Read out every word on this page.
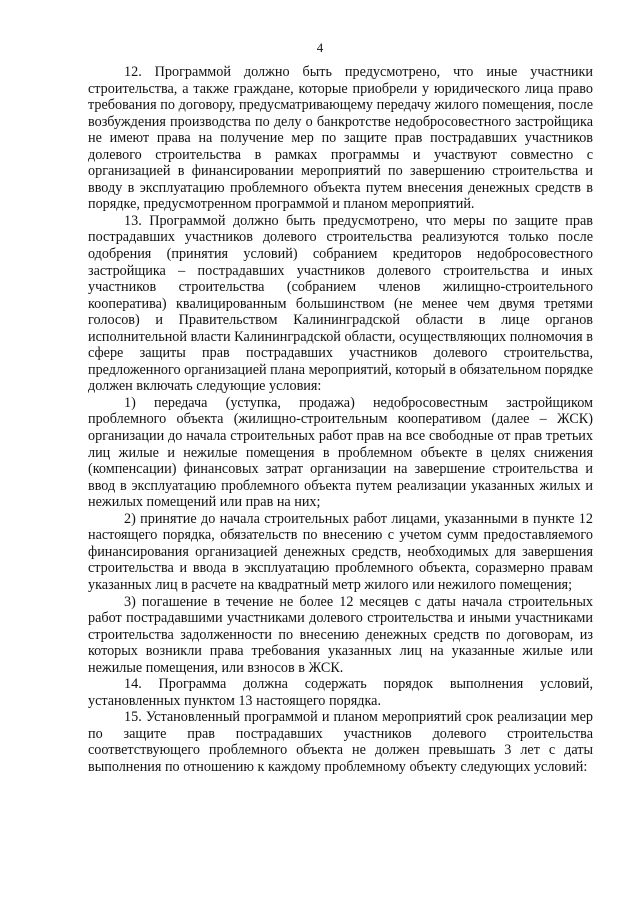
4

12. Программой должно быть предусмотрено, что иные участники строительства, а также граждане, которые приобрели у юридического лица право требования по договору, предусматривающему передачу жилого помещения, после возбуждения производства по делу о банкротстве недобросовестного застройщика не имеют права на получение мер по защите прав пострадавших участников долевого строительства в рамках программы и участвуют совместно с организацией в финансировании мероприятий по завершению строительства и вводу в эксплуатацию проблемного объекта путем внесения денежных средств в порядке, предусмотренном программой и планом мероприятий.

13. Программой должно быть предусмотрено, что меры по защите прав пострадавших участников долевого строительства реализуются только после одобрения (принятия условий) собранием кредиторов недобросовестного застройщика – пострадавших участников долевого строительства и иных участников строительства (собранием членов жилищно-строительного кооператива) квалицированным большинством (не менее чем двумя третями голосов) и Правительством Калининградской области в лице органов исполнительной власти Калининградской области, осуществляющих полномочия в сфере защиты прав пострадавших участников долевого строительства, предложенного организацией плана мероприятий, который в обязательном порядке должен включать следующие условия:

1) передача (уступка, продажа) недобросовестным застройщиком проблемного объекта (жилищно-строительным кооперативом (далее – ЖСК) организации до начала строительных работ прав на все свободные от прав третьих лиц жилые и нежилые помещения в проблемном объекте в целях снижения (компенсации) финансовых затрат организации на завершение строительства и ввод в эксплуатацию проблемного объекта путем реализации указанных жилых и нежилых помещений или прав на них;

2) принятие до начала строительных работ лицами, указанными в пункте 12 настоящего порядка, обязательств по внесению с учетом сумм предоставляемого финансирования организацией денежных средств, необходимых для завершения строительства и ввода в эксплуатацию проблемного объекта, соразмерно правам указанных лиц в расчете на квадратный метр жилого или нежилого помещения;

3) погашение в течение не более 12 месяцев с даты начала строительных работ пострадавшими участниками долевого строительства и иными участниками строительства задолженности по внесению денежных средств по договорам, из которых возникли права требования указанных лиц на указанные жилые или нежилые помещения, или взносов в ЖСК.

14. Программа должна содержать порядок выполнения условий, установленных пунктом 13 настоящего порядка.

15. Установленный программой и планом мероприятий срок реализации мер по защите прав пострадавших участников долевого строительства соответствующего проблемного объекта не должен превышать 3 лет с даты выполнения по отношению к каждому проблемному объекту следующих условий:
